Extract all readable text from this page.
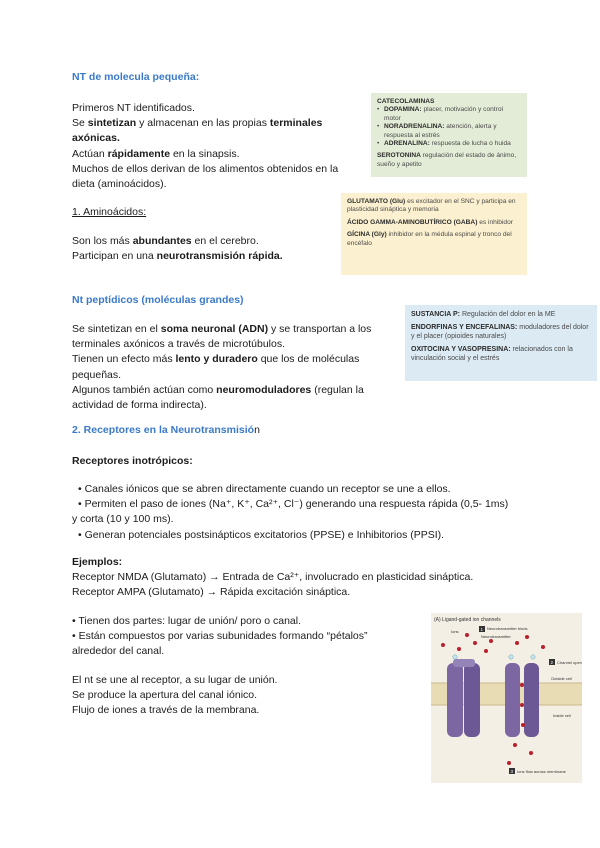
NT de molecula pequeña:
Primeros NT identificados.
Se sintetizan y almacenan en las propias terminales
axónicas.
Actúan rápidamente en la sinapsis.
Muchos de ellos derivan de los alimentos obtenidos en la
dieta (aminoácidos).
1. Aminoácidos:
Son los más abundantes en el cerebro.
Participan en una neurotransmisión rápida.
CATECOLAMINAS
• DOPAMINA: placer, motivación y control motor
• NORADRENALINA: atención, alerta y respuesta al estrés
• ADRENALINA: respuesta de lucha o huida
SEROTONINA regulación del estado de ánimo, sueño y apetito
GLUTAMATO (Glu) es excitador en el SNC y participa en plasticidad sináptica y memoria
ÁCIDO GAMMA-AMINOBUTÍRICO (GABA) es inhibidor
GÍCINA (Gly) inhibidor en la médula espinal y tronco del encéfalo
Nt peptídicos (moléculas grandes)
Se sintetizan en el soma neuronal (ADN) y se transportan a los
terminales axónicos a través de microtúbulos.
Tienen un efecto más lento y duradero que los de moléculas
pequeñas.
Algunos también actúan como neuromoduladores (regulan la
actividad de forma indirecta).
SUSTANCIA P: Regulación del dolor en la ME
ENDORFINAS Y ENCEFALINAS: moduladores del dolor y el placer (opioides naturales)
OXITOCINA Y VASOPRESINA: relacionados con la vinculación social y el estrés
2. Receptores en la Neurotransmisión
Receptores inotrópicos:
• Canales iónicos que se abren directamente cuando un receptor se une a ellos.
• Permiten el paso de iones (Na⁺, K⁺, Ca²⁺, Cl⁻) generando una respuesta rápida (0,5- 1ms)
y corta (10 y 100 ms).
• Generan potenciales postsinápticos excitatorios (PPSE) e Inhibitorios (PPSI).
Ejemplos:
Receptor NMDA (Glutamato) → Entrada de Ca²⁺, involucrado en plasticidad sináptica.
Receptor AMPA (Glutamato) → Rápida excitación sináptica.
• Tienen dos partes: lugar de unión/ poro o canal.
• Están compuestos por varias subunidades formando “pétalos”
alrededor del canal.
El nt se une al receptor, a su lugar de unión.
Se produce la apertura del canal iónico.
Flujo de iones a través de la membrana.
(A) Ligand-gated ion channels
1 Neurotransmitter binds
Neurotransmitter
Ions
2 Channel opens
Outside cell
Inside cell
3 Ions flow across membrane
